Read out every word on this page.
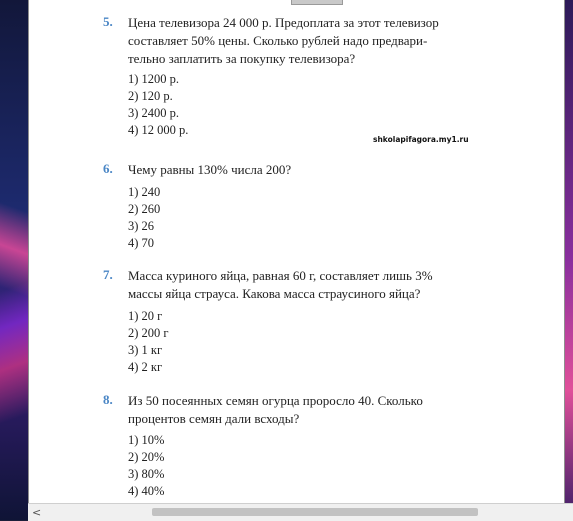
5. Цена телевизора 24 000 р. Предоплата за этот телевизор
составляет 50% цены. Сколько рублей надо предвари-
тельно заплатить за покупку телевизора?

1) 1200 р.
2) 120 р.
3) 2400 р.
4) 12 000 р.
shkolapifagora.my1.ru
6. Чему равны 130% числа 200?

1) 240
2) 260
3) 26
4) 70
7. Масса куриного яйца, равная 60 г, составляет лишь 3%
массы яйца страуса. Какова масса страусиного яйца?

1) 20 г
2) 200 г
3) 1 кг
4) 2 кг
8. Из 50 посеянных семян огурца проросло 40. Сколько
процентов семян дали всходы?

1) 10%
2) 20%
3) 80%
4) 40%
<
